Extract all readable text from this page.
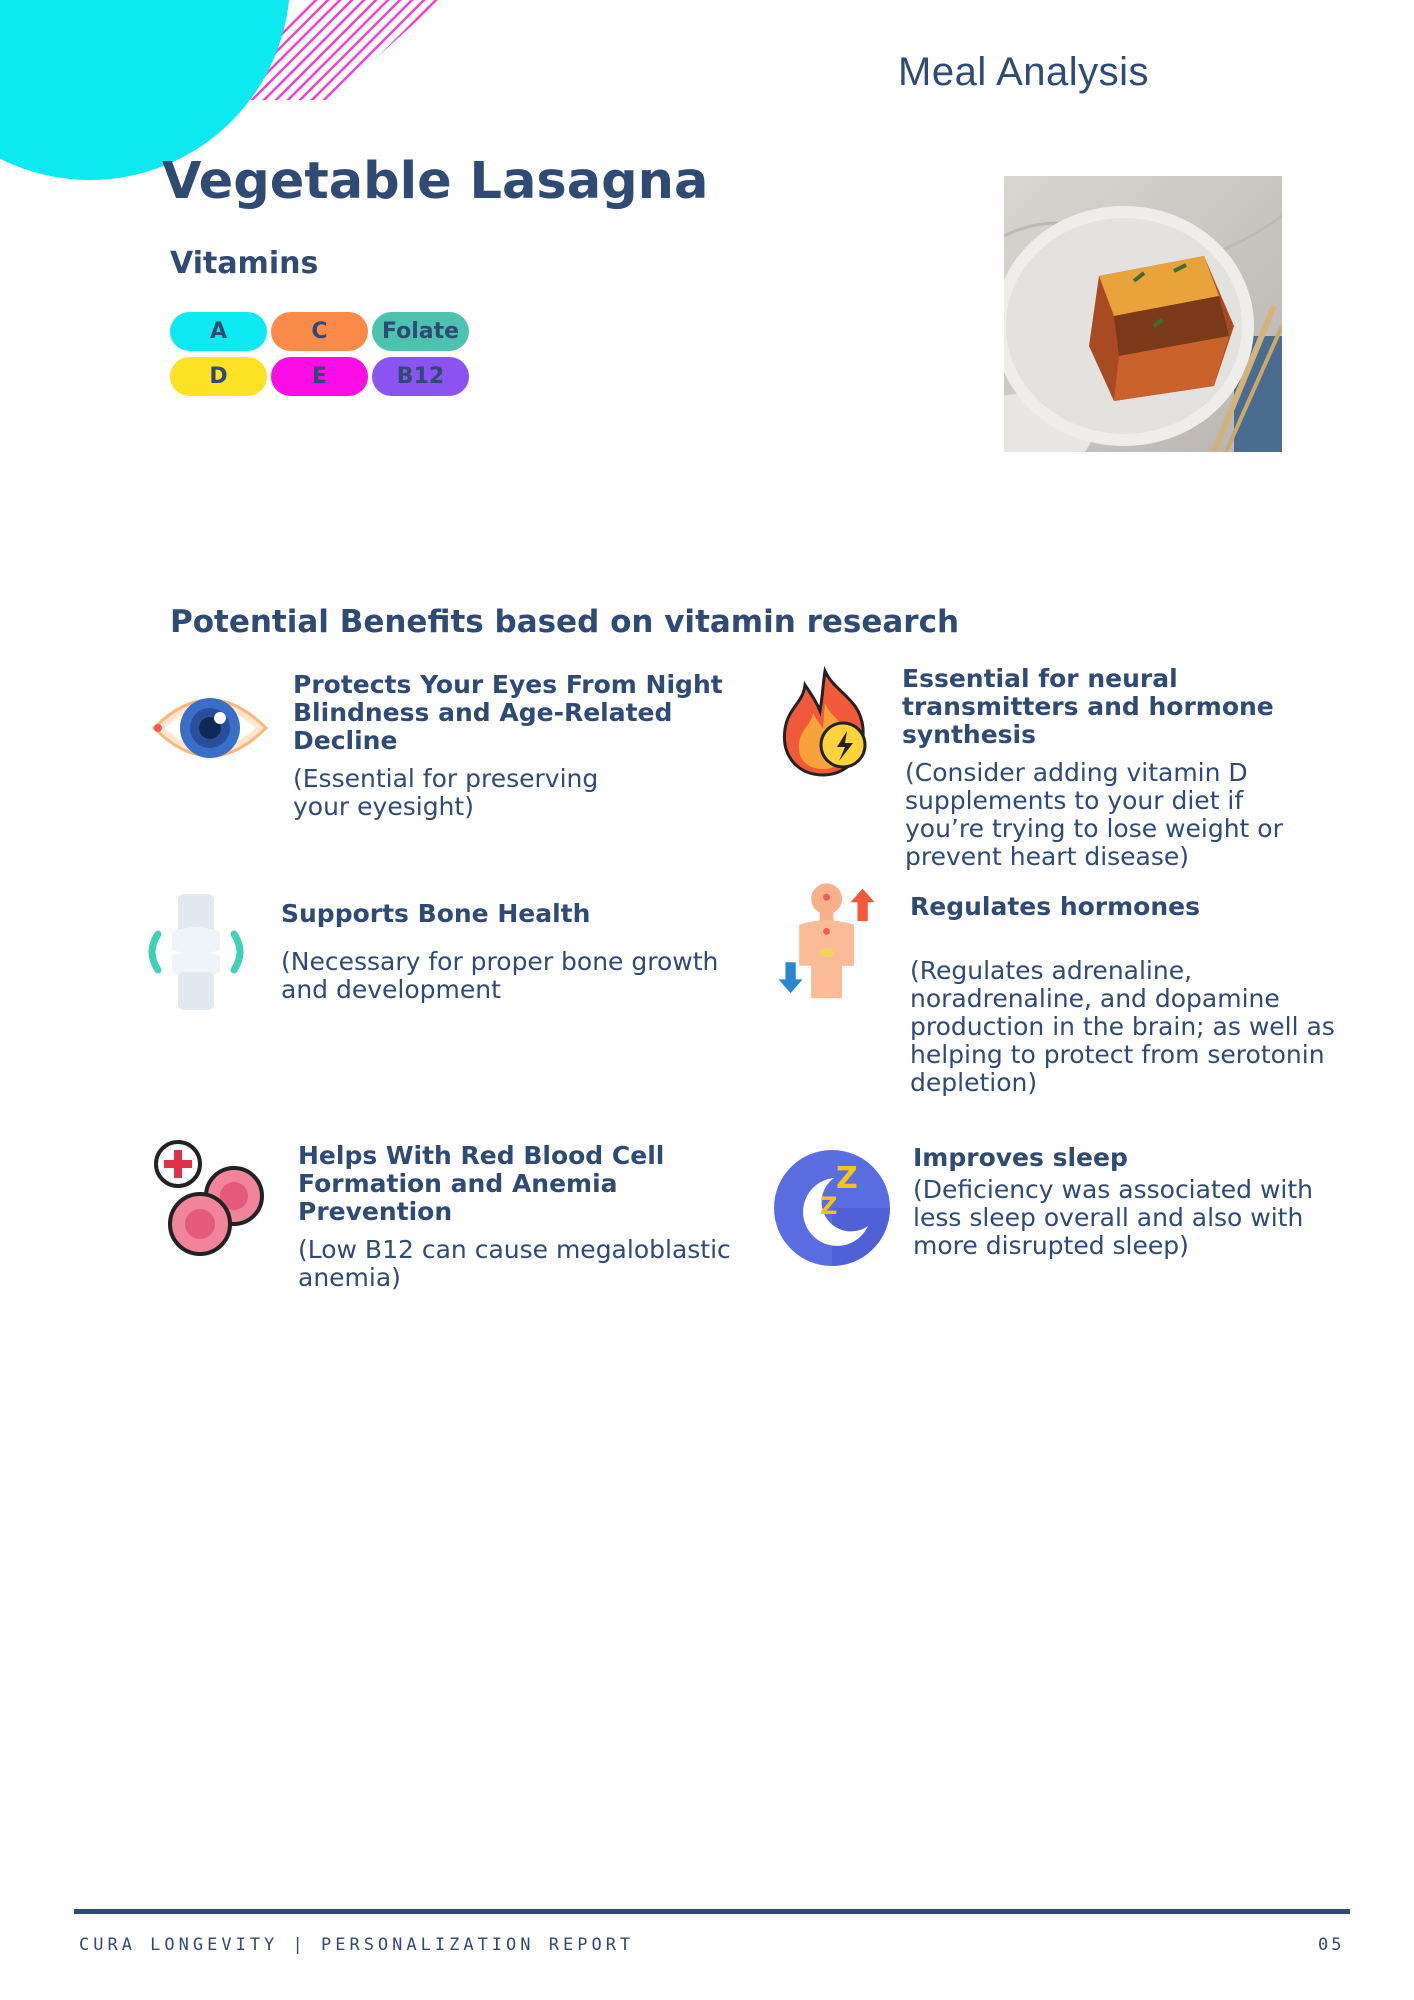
Meal Analysis
Vegetable Lasagna
Vitamins
A	C	Folate
D	E	B12
Potential Benefits based on vitamin research
Protects Your Eyes From Night Blindness and Age-Related Decline
(Essential for preserving your eyesight)
Essential for neural transmitters and hormone synthesis
(Consider adding vitamin D supplements to your diet if you’re trying to lose weight or prevent heart disease)
Supports Bone Health
(Necessary for proper bone growth and development
Regulates hormones
(Regulates adrenaline, noradrenaline, and dopamine production in the brain; as well as helping to protect from serotonin depletion)
Helps With Red Blood Cell Formation and Anemia Prevention
(Low B12 can cause megaloblastic anemia)
Z
Z
Improves sleep
(Deficiency was associated with less sleep overall and also with more disrupted sleep)
CURA LONGEVITY | PERSONALIZATION REPORT	05
